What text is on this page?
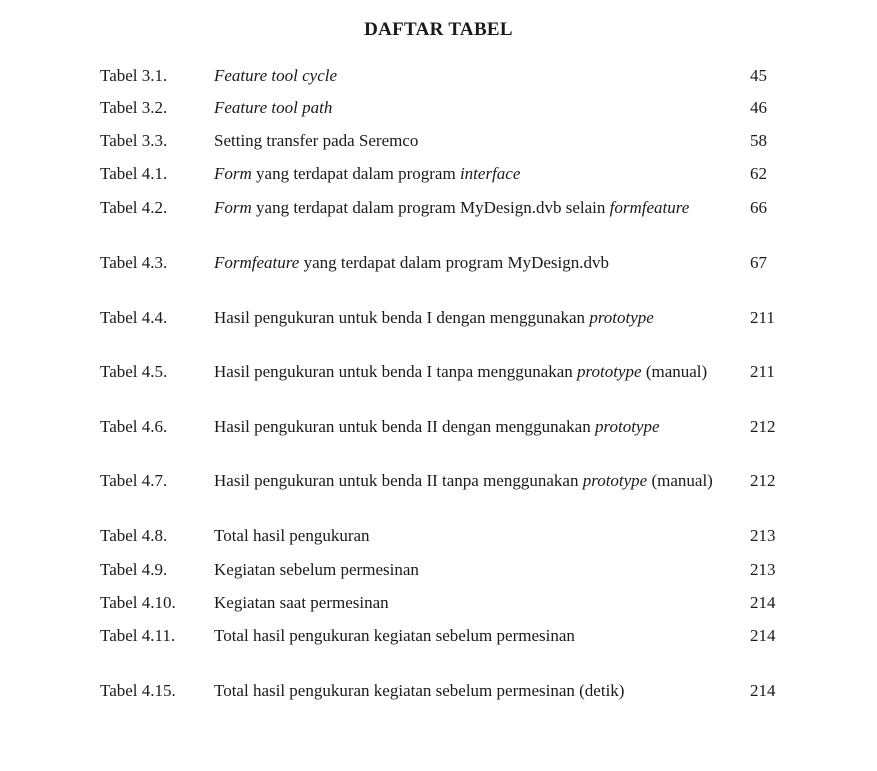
DAFTAR TABEL
Tabel 3.1.	Feature tool cycle	45
Tabel 3.2.	Feature tool path	46
Tabel 3.3.	Setting transfer pada Seremco	58
Tabel 4.1.	Form yang terdapat dalam program interface	62
Tabel 4.2.	Form yang terdapat dalam program MyDesign.dvb selain formfeature	66
Tabel 4.3.	Formfeature yang terdapat dalam program MyDesign.dvb	67
Tabel 4.4.	Hasil pengukuran untuk benda I dengan menggunakan prototype	211
Tabel 4.5.	Hasil pengukuran untuk benda I tanpa menggunakan prototype (manual)	211
Tabel 4.6.	Hasil pengukuran untuk benda II dengan menggunakan prototype	212
Tabel 4.7.	Hasil pengukuran untuk benda II tanpa menggunakan prototype (manual)	212
Tabel 4.8.	Total hasil pengukuran	213
Tabel 4.9.	Kegiatan sebelum permesinan	213
Tabel 4.10. Kegiatan saat permesinan	214
Tabel 4.11. Total hasil pengukuran kegiatan sebelum permesinan	214
Tabel 4.15. Total hasil pengukuran kegiatan sebelum permesinan (detik)	214
